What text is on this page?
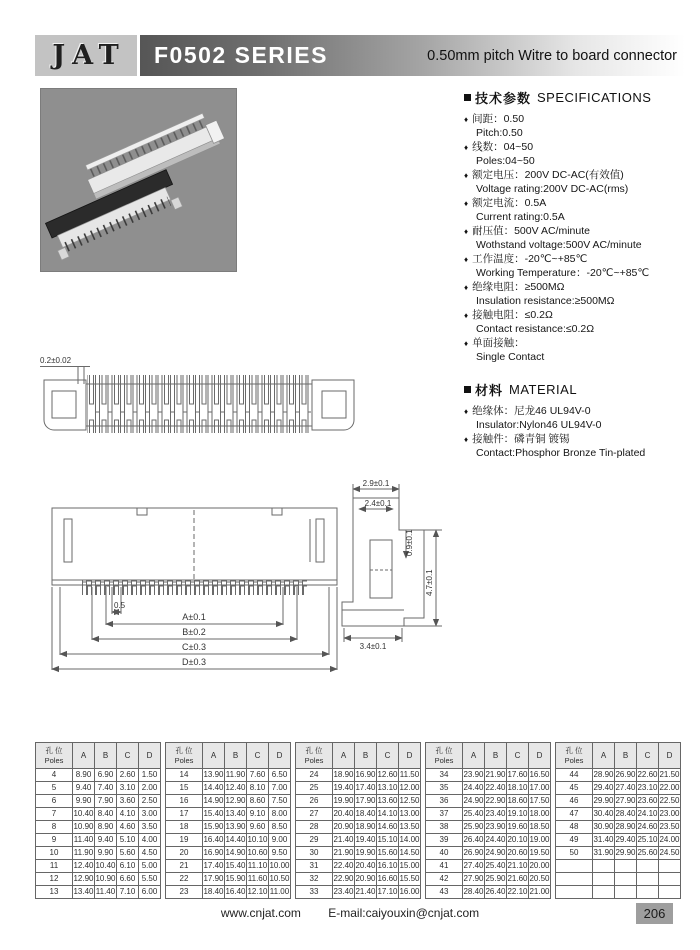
JAT	F0502 SERIES	0.50mm pitch Witre to board connector
技术参数 SPECIFICATIONS
♦ 间距：0.50
Pitch:0.50
♦ 线数：04~50
Poles:04~50
♦ 额定电压：200V DC-AC(有效值)
Voltage rating:200V DC-AC(rms)
♦ 额定电流：0.5A
Current rating:0.5A
♦ 耐压值：500V AC/minute
Wothstand voltage:500V AC/minute
♦ 工作温度：-20℃~+85℃
Working Temperature：-20℃~+85℃
♦ 绝缘电阻：≥500MΩ
Insulation resistance:≥500MΩ
♦ 接触电阻：≤0.2Ω
Contact resistance:≤0.2Ω
♦ 单面接触：
Single Contact
材料 MATERIAL
♦ 绝缘体：尼龙46 UL94V-0
Insulator:Nylon46 UL94V-0
♦ 接触件：磷青铜 镀锡
Contact:Phosphor Bronze Tin-plated
0.2±0.02
0.5
A±0.1
B±0.2
C±0.3
D±0.3
2.9±0.1
2.4±0.1
0.9±0.1
4.7±0.1
3.4±0.1
孔 位
Poles	A	B	C	D
4	8.90	6.90	2.60	1.50
5	9.40	7.40	3.10	2.00
6	9.90	7.90	3.60	2.50
7	10.40	8.40	4.10	3.00
8	10.90	8.90	4.60	3.50
9	11.40	9.40	5.10	4.00
10	11.90	9.90	5.60	4.50
11	12.40	10.40	6.10	5.00
12	12.90	10.90	6.60	5.50
13	13.40	11.40	7.10	6.00
孔 位
Poles	A	B	C	D
14	13.90	11.90	7.60	6.50
15	14.40	12.40	8.10	7.00
16	14.90	12.90	8.60	7.50
17	15.40	13.40	9.10	8.00
18	15.90	13.90	9.60	8.50
19	16.40	14.40	10.10	9.00
20	16.90	14.90	10.60	9.50
21	17.40	15.40	11.10	10.00
22	17.90	15.90	11.60	10.50
23	18.40	16.40	12.10	11.00
孔 位
Poles	A	B	C	D
24	18.90	16.90	12.60	11.50
25	19.40	17.40	13.10	12.00
26	19.90	17.90	13.60	12.50
27	20.40	18.40	14.10	13.00
28	20.90	18.90	14.60	13.50
29	21.40	19.40	15.10	14.00
30	21.90	19.90	15.60	14.50
31	22.40	20.40	16.10	15.00
32	22.90	20.90	16.60	15.50
33	23.40	21.40	17.10	16.00
孔 位
Poles	A	B	C	D
34	23.90	21.90	17.60	16.50
35	24.40	22.40	18.10	17.00
36	24.90	22.90	18.60	17.50
37	25.40	23.40	19.10	18.00
38	25.90	23.90	19.60	18.50
39	26.40	24.40	20.10	19.00
40	26.90	24.90	20.60	19.50
41	27.40	25.40	21.10	20.00
42	27.90	25.90	21.60	20.50
43	28.40	26.40	22.10	21.00
孔 位
Poles	A	B	C	D
44	28.90	26.90	22.60	21.50
45	29.40	27.40	23.10	22.00
46	29.90	27.90	23.60	22.50
47	30.40	28.40	24.10	23.00
48	30.90	28.90	24.60	23.50
49	31.40	29.40	25.10	24.00
50	31.90	29.90	25.60	24.50

www.cnjat.com E-mail:caiyouxin@cnjat.com	206
